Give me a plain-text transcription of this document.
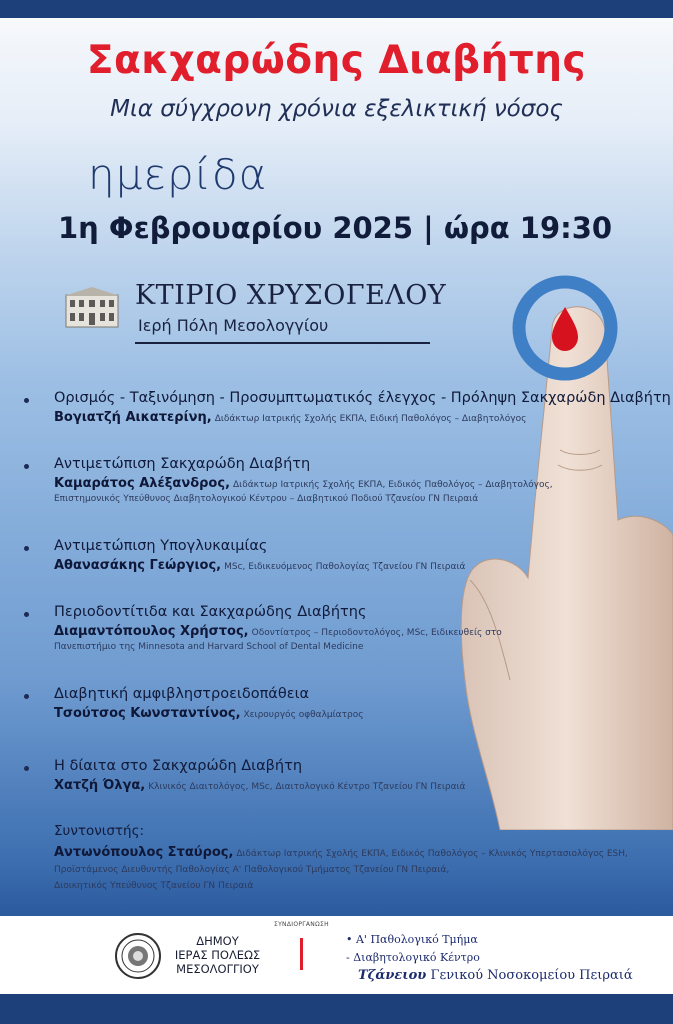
Σακχαρώδης Διαβήτης
Μια σύγχρονη χρόνια εξελικτική νόσος
ημερίδα
1η Φεβρουαρίου 2025 | ώρα 19:30
ΚΤΙΡΙΟ ΧΡΥΣΟΓΕΛΟΥ
Ιερή Πόλη Μεσολογγίου
Ορισμός - Ταξινόμηση - Προσυμπτωματικός έλεγχος - Πρόληψη Σακχαρώδη Διαβήτη
Βογιατζή Αικατερίνη, Διδάκτωρ Ιατρικής Σχολής ΕΚΠΑ, Ειδική Παθολόγος – Διαβητολόγος
Αντιμετώπιση Σακχαρώδη Διαβήτη
Καμαράτος Αλέξανδρος, Διδάκτωρ Ιατρικής Σχολής ΕΚΠΑ, Ειδικός Παθολόγος – Διαβητολόγος,
Επιστημονικός Υπεύθυνος Διαβητολογικού Κέντρου – Διαβητικού Ποδιού Τζανείου ΓΝ Πειραιά
Αντιμετώπιση Υπογλυκαιμίας
Αθανασάκης Γεώργιος, MSc, Ειδικευόμενος Παθολογίας Τζανείου ΓΝ Πειραιά
Περιοδοντίτιδα και Σακχαρώδης Διαβήτης
Διαμαντόπουλος Χρήστος, Οδοντίατρος – Περιοδοντολόγος, MSc, Ειδικευθείς στο
Πανεπιστήμιο της Minnesota and Harvard School of Dental Medicine
Διαβητική αμφιβληστροειδοπάθεια
Τσούτσος Κωνσταντίνος, Χειρουργός οφθαλμίατρος
Η δίαιτα στο Σακχαρώδη Διαβήτη
Χατζή Όλγα, Κλινικός Διαιτολόγος, MSc, Διαιτολογικό Κέντρο Τζανείου ΓΝ Πειραιά
Συντονιστής:
Αντωνόπουλος Σταύρος, Διδάκτωρ Ιατρικής Σχολής ΕΚΠΑ, Ειδικός Παθολόγος – Κλινικός Υπερτασιολόγος ESH,
Προϊστάμενος Διευθυντής Παθολογίας Α' Παθολογικού Τμήματος Τζανείου ΓΝ Πειραιά,
Διοικητικός Υπεύθυνος Τζανείου ΓΝ Πειραιά
ΔΗΜΟΥ
ΙΕΡΑΣ ΠΟΛΕΩΣ
ΜΕΣΟΛΟΓΓΙΟΥ
ΣΥΝΔΙΟΡΓΑΝΩΣΗ
• Α' Παθολογικό Τμήμα
- Διαβητολογικό Κέντρο
Τζάνειου Γενικού Νοσοκομείου Πειραιά
